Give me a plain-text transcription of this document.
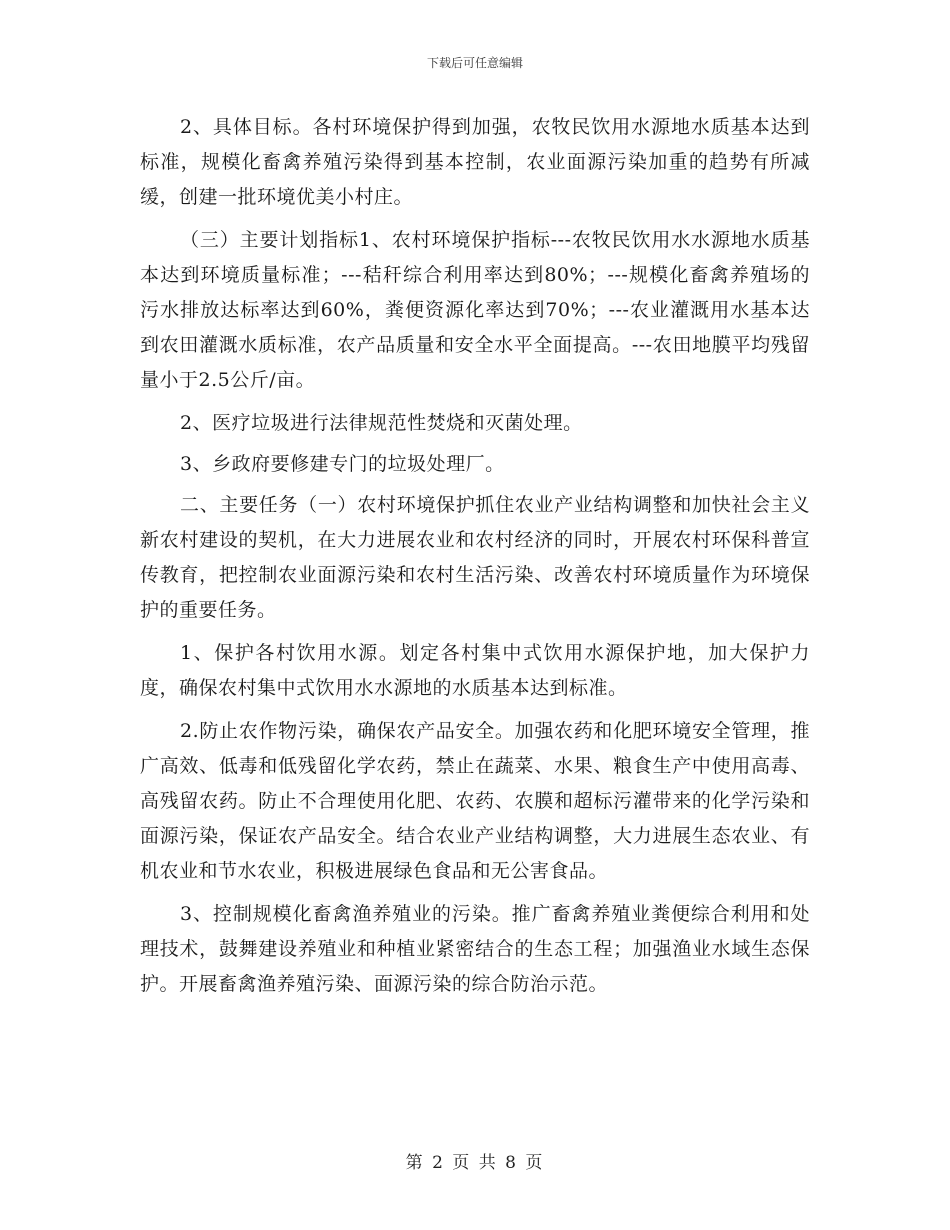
下载后可任意编辑

2、具体目标。各村环境保护得到加强，农牧民饮用水源地水质基本达到标准，规模化畜禽养殖污染得到基本控制，农业面源污染加重的趋势有所减缓，创建一批环境优美小村庄。

（三）主要计划指标1、农村环境保护指标---农牧民饮用水水源地水质基本达到环境质量标准；---秸秆综合利用率达到80%；---规模化畜禽养殖场的污水排放达标率达到60%，粪便资源化率达到70%；---农业灌溉用水基本达到农田灌溉水质标准，农产品质量和安全水平全面提高。---农田地膜平均残留量小于2.5公斤/亩。

2、医疗垃圾进行法律规范性焚烧和灭菌处理。

3、乡政府要修建专门的垃圾处理厂。

二、主要任务（一）农村环境保护抓住农业产业结构调整和加快社会主义新农村建设的契机，在大力进展农业和农村经济的同时，开展农村环保科普宣传教育，把控制农业面源污染和农村生活污染、改善农村环境质量作为环境保护的重要任务。

1、保护各村饮用水源。划定各村集中式饮用水源保护地，加大保护力度，确保农村集中式饮用水水源地的水质基本达到标准。

2.防止农作物污染，确保农产品安全。加强农药和化肥环境安全管理，推广高效、低毒和低残留化学农药，禁止在蔬菜、水果、粮食生产中使用高毒、高残留农药。防止不合理使用化肥、农药、农膜和超标污灌带来的化学污染和面源污染，保证农产品安全。结合农业产业结构调整，大力进展生态农业、有机农业和节水农业，积极进展绿色食品和无公害食品。

3、控制规模化畜禽渔养殖业的污染。推广畜禽养殖业粪便综合利用和处理技术，鼓舞建设养殖业和种植业紧密结合的生态工程；加强渔业水域生态保护。开展畜禽渔养殖污染、面源污染的综合防治示范。

第 2 页 共 8 页
